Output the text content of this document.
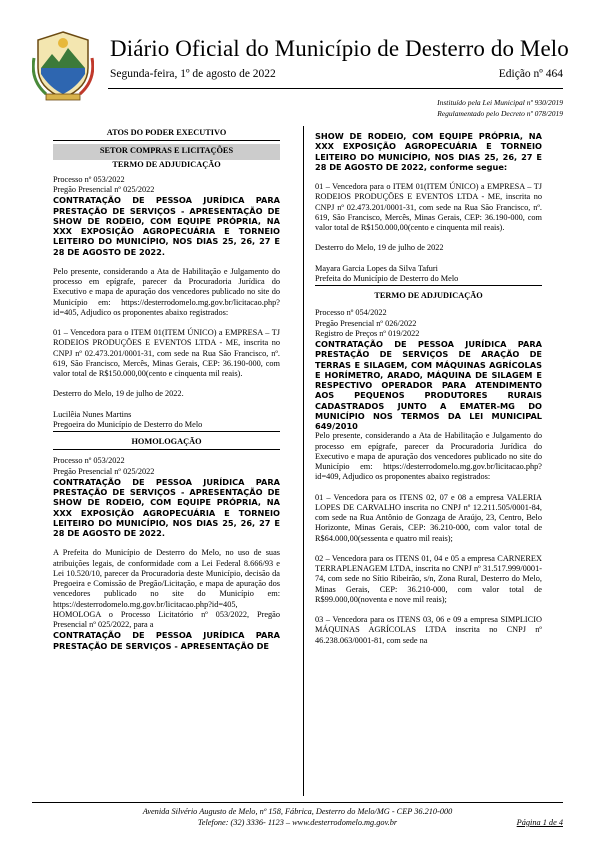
Diário Oficial do Município de Desterro do Melo
Segunda-feira, 1º de agosto de 2022	Edição nº 464
Instituído pela Lei Municipal nº 930/2019
Regulamentado pelo Decreto nº 078/2019
ATOS DO PODER EXECUTIVO
SETOR COMPRAS E LICITAÇÕES
TERMO DE ADJUDICAÇÃO

Processo nº 053/2022

Pregão Presencial nº 025/2022

CONTRATAÇÃO DE PESSOA JURÍDICA PARA PRESTAÇÃO DE SERVIÇOS - APRESENTAÇÃO DE SHOW DE RODEIO, COM EQUIPE PRÓPRIA, NA XXX EXPOSIÇÃO AGROPECUÁRIA E TORNEIO LEITEIRO DO MUNICÍPIO, NOS DIAS 25, 26, 27 E 28 DE AGOSTO DE 2022.

Pelo presente, considerando a Ata de Habilitação e Julgamento do processo em epígrafe, parecer da Procuradoria Jurídica do Executivo e mapa de apuração dos vencedores publicado no site do Município em: https://desterrodomelo.mg.gov.br/licitacao.php?id=405, Adjudico os proponentes abaixo registrados:

01 – Vencedora para o ITEM 01(ITEM ÚNICO) a EMPRESA – TJ RODEIOS PRODUÇÕES E EVENTOS LTDA - ME, inscrita no CNPJ nº 02.473.201/0001-31, com sede na Rua São Francisco, nº. 619, São Francisco, Mercês, Minas Gerais, CEP: 36.190-000, com valor total de R$150.000,00(cento e cinquenta mil reais).

Desterro do Melo, 19 de julho de 2022.

Lucilêia Nunes Martins

Pregoeira do Município de Desterro do Melo

HOMOLOGAÇÃO

Processo nº 053/2022

Pregão Presencial nº 025/2022

CONTRATAÇÃO DE PESSOA JURÍDICA PARA PRESTAÇÃO DE SERVIÇOS - APRESENTAÇÃO DE SHOW DE RODEIO, COM EQUIPE PRÓPRIA, NA XXX EXPOSIÇÃO AGROPECUÁRIA E TORNEIO LEITEIRO DO MUNICÍPIO, NOS DIAS 25, 26, 27 E 28 DE AGOSTO DE 2022.

A Prefeita do Município de Desterro do Melo, no uso de suas atribuições legais, de conformidade com a Lei Federal 8.666/93 e Lei 10.520/10, parecer da Procuradoria deste Município, decisão da Pregoeira e Comissão de Pregão/Licitação, e mapa de apuração dos vencedores publicado no site do Município em: https://desterrodomelo.mg.gov.br/licitacao.php?id=405, HOMOLOGA o Processo Licitatório nº 053/2022, Pregão Presencial nº 025/2022, para a

CONTRATAÇÃO DE PESSOA JURÍDICA PARA PRESTAÇÃO DE SERVIÇOS - APRESENTAÇÃO DE

SHOW DE RODEIO, COM EQUIPE PRÓPRIA, NA XXX EXPOSIÇÃO AGROPECUÁRIA E TORNEIO LEITEIRO DO MUNICÍPIO, NOS DIAS 25, 26, 27 E 28 DE AGOSTO DE 2022, conforme segue:

01 – Vencedora para o ITEM 01(ITEM ÚNICO) a EMPRESA – TJ RODEIOS PRODUÇÕES E EVENTOS LTDA - ME, inscrita no CNPJ nº 02.473.201/0001-31, com sede na Rua São Francisco, nº. 619, São Francisco, Mercês, Minas Gerais, CEP: 36.190-000, com valor total de R$150.000,00(cento e cinquenta mil reais).

Desterro do Melo, 19 de julho de 2022

Mayara Garcia Lopes da Silva Tafuri

Prefeita do Município de Desterro do Melo

TERMO DE ADJUDICAÇÃO

Processo nº 054/2022

Pregão Presencial nº 026/2022

Registro de Preços nº 019/2022

CONTRATAÇÃO DE PESSOA JURÍDICA PARA PRESTAÇÃO DE SERVIÇOS DE ARAÇÃO DE TERRAS E SILAGEM, COM MÁQUINAS AGRÍCOLAS E HORÍMETRO, ARADO, MÁQUINA DE SILAGEM E RESPECTIVO OPERADOR PARA ATENDIMENTO AOS PEQUENOS PRODUTORES RURAIS CADASTRADOS JUNTO A EMATER-MG DO MUNICÍPIO NOS TERMOS DA LEI MUNICIPAL 649/2010

Pelo presente, considerando a Ata de Habilitação e Julgamento do processo em epígrafe, parecer da Procuradoria Jurídica do Executivo e mapa de apuração dos vencedores publicado no site do Município em: https://desterrodomelo.mg.gov.br/licitacao.php?id=409, Adjudico os proponentes abaixo registrados:

01 – Vencedora para os ITENS 02, 07 e 08 a empresa VALERIA LOPES DE CARVALHO inscrita no CNPJ nº 12.211.505/0001-84, com sede na Rua Antônio de Gonzaga de Araújo, 23, Centro, Belo Horizonte, Minas Gerais, CEP: 36.210-000, com valor total de R$64.000,00(sessenta e quatro mil reais);

02 – Vencedora para os ITENS 01, 04 e 05 a empresa CARNEREX TERRAPLENAGEM LTDA, inscrita no CNPJ nº 31.517.999/0001-74, com sede no Sítio Ribeirão, s/n, Zona Rural, Desterro do Melo, Minas Gerais, CEP: 36.210-000, com valor total de R$99.000,00(noventa e nove mil reais);

03 – Vencedora para os ITENS 03, 06 e 09 a empresa SIMPLICIO MÁQUINAS AGRÍCOLAS LTDA inscrita no CNPJ nº 46.238.063/0001-81, com sede na

Avenida Silvério Augusto de Melo, nº 158, Fábrica, Desterro do Melo/MG - CEP 36.210-000
Telefone: (32) 3336- 1123 – www.desterrodomelo.mg.gov.br	Página 1 de 4
